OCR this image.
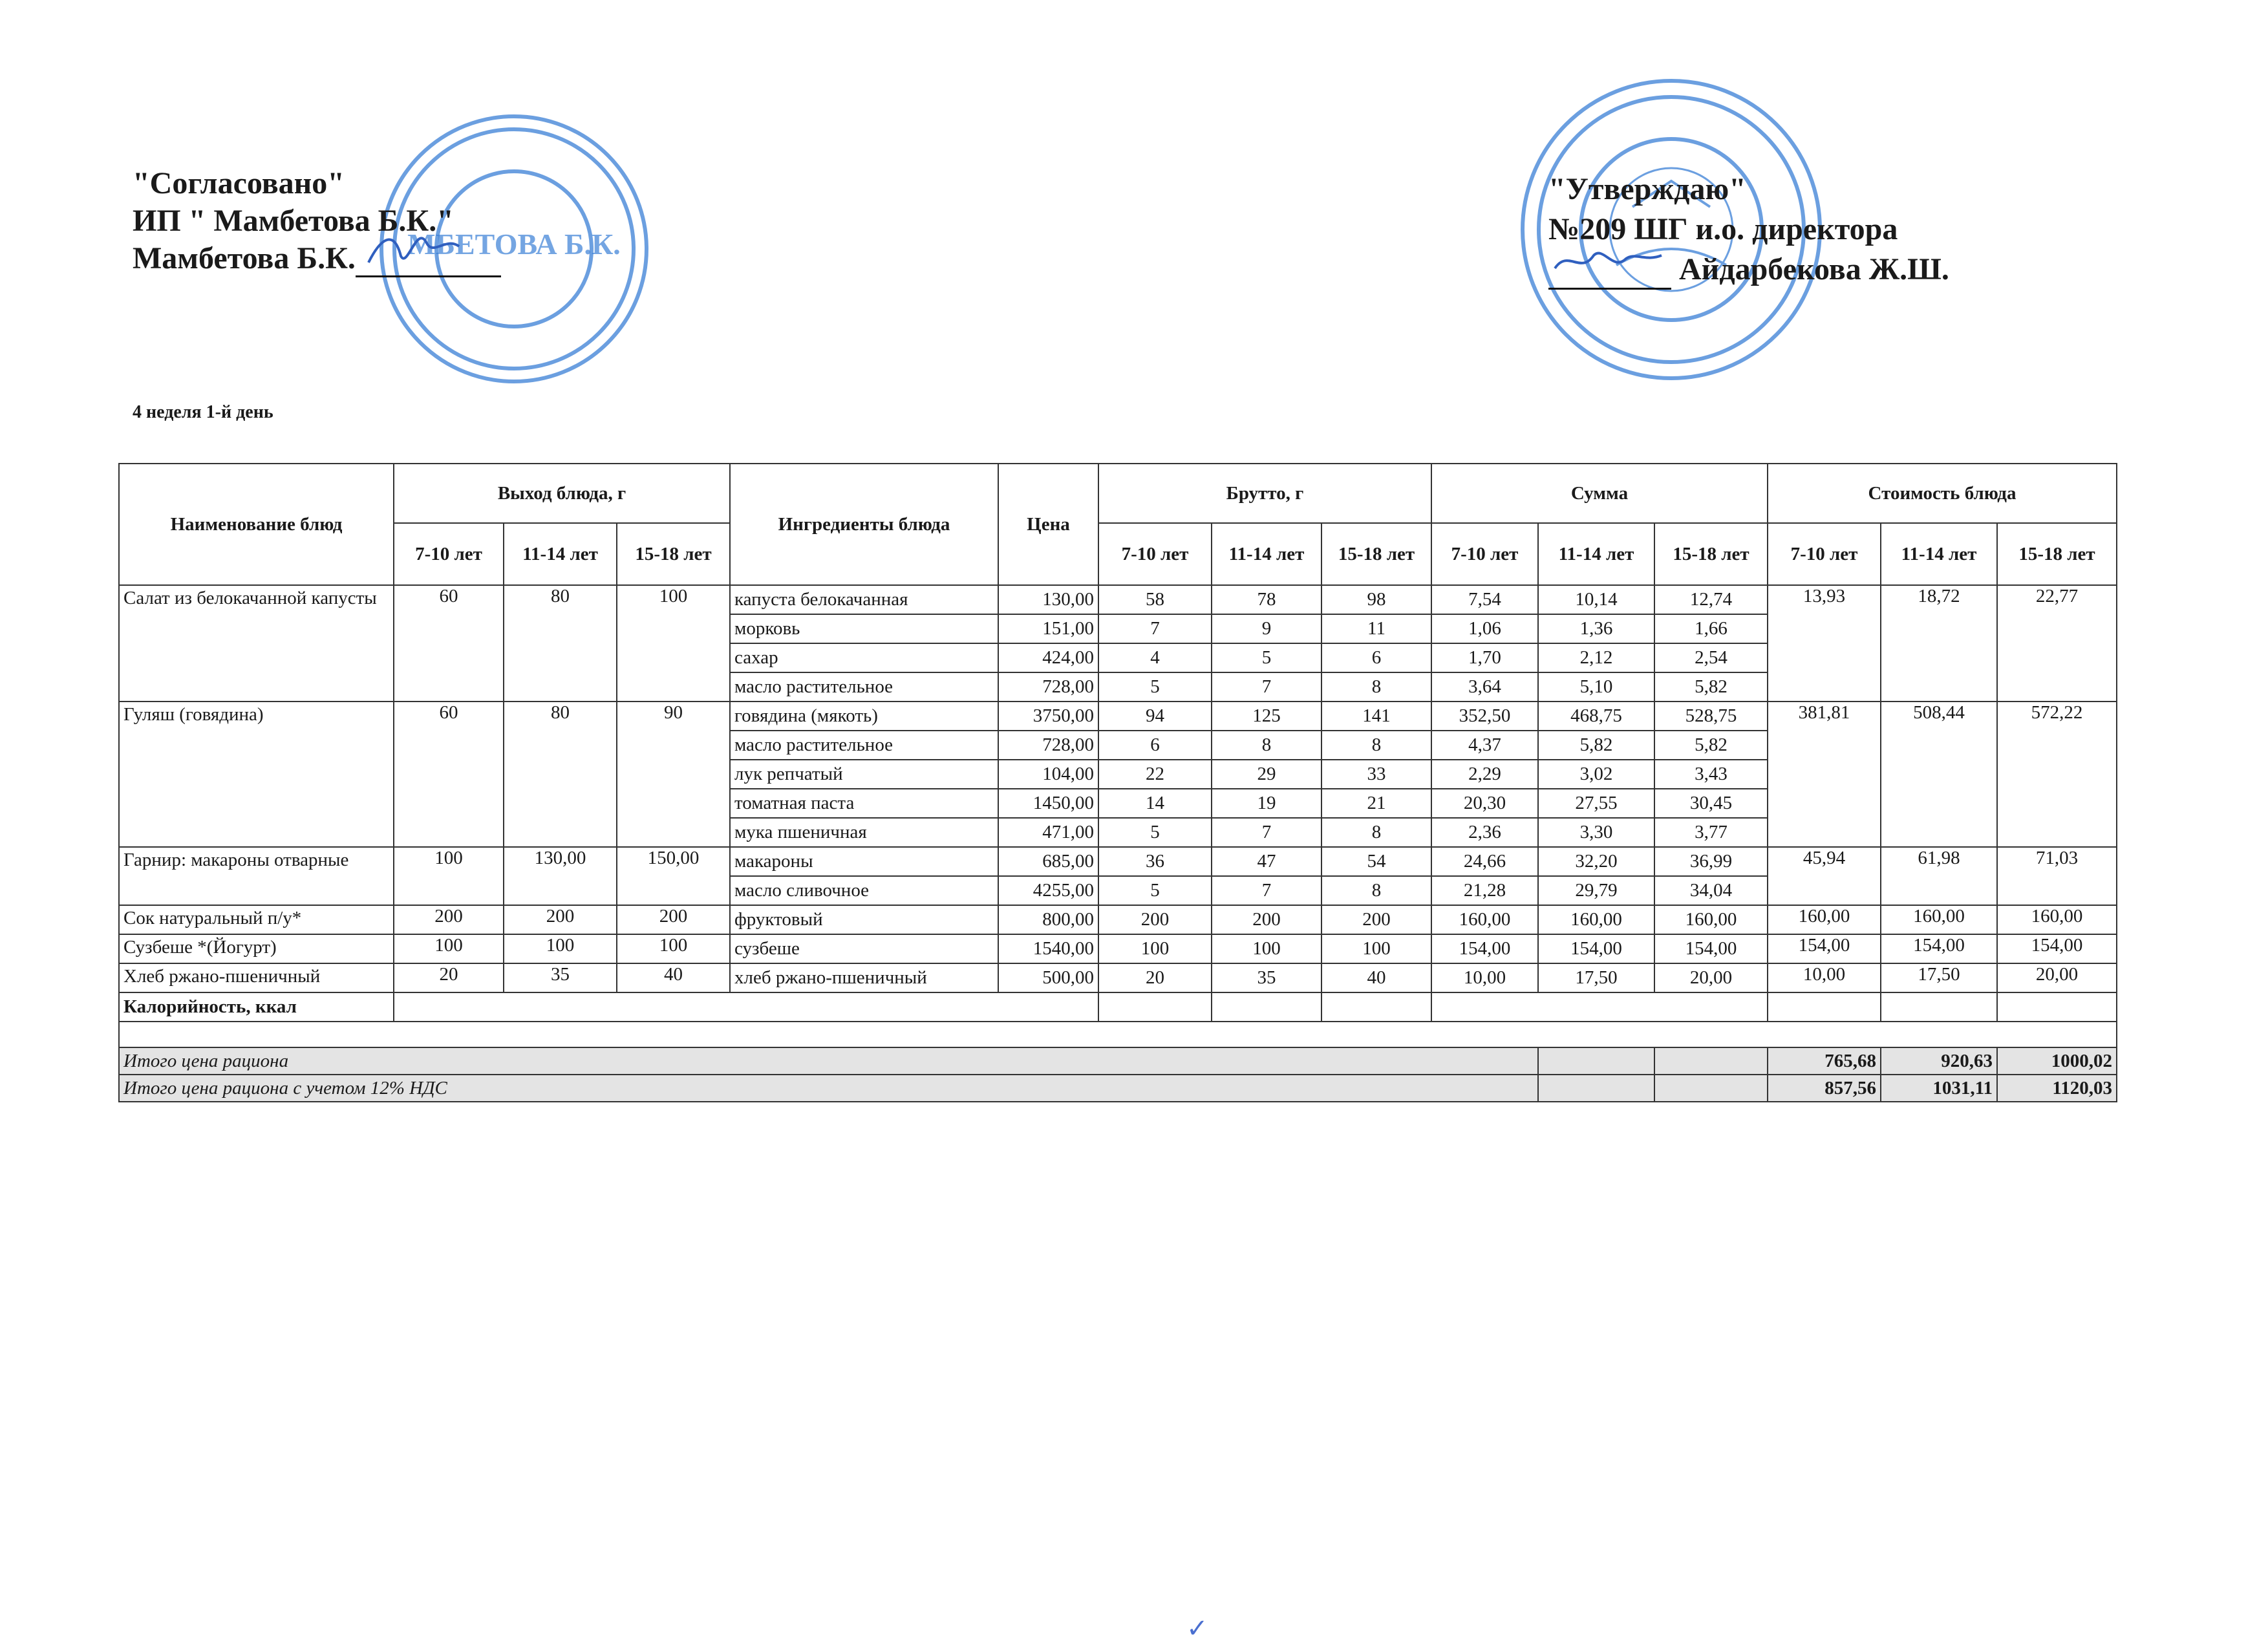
МБЕТОВА Б.К.
"Согласовано"
ИП " Мамбетова Б.К."
Мамбетова Б.К.
"Утверждаю"
№209 ШГ и.о. директора
Айдарбекова Ж.Ш.
4 неделя 1-й день
Наименование блюд	Выход блюда, г			Ингредиенты блюда	Цена	Брутто, г			Сумма			Стоимость блюда		
	7-10 лет	11-14 лет	15-18 лет			7-10 лет	11-14 лет	15-18 лет	7-10 лет	11-14 лет	15-18 лет	7-10 лет	11-14 лет	15-18 лет
Салат из белокачанной капусты	60	80	100	капуста белокачанная	130,00	58	78	98	7,54	10,14	12,74	13,93	18,72	22,77
				морковь	151,00	7	9	11	1,06	1,36	1,66			
				сахар	424,00	4	5	6	1,70	2,12	2,54			
				масло растительное	728,00	5	7	8	3,64	5,10	5,82			
Гуляш (говядина)	60	80	90	говядина (мякоть)	3750,00	94	125	141	352,50	468,75	528,75	381,81	508,44	572,22
				масло растительное	728,00	6	8	8	4,37	5,82	5,82			
				лук репчатый	104,00	22	29	33	2,29	3,02	3,43			
				томатная паста	1450,00	14	19	21	20,30	27,55	30,45			
				мука пшеничная	471,00	5	7	8	2,36	3,30	3,77			
Гарнир: макароны отварные	100	130,00	150,00	макароны	685,00	36	47	54	24,66	32,20	36,99	45,94	61,98	71,03
				масло сливочное	4255,00	5	7	8	21,28	29,79	34,04			
Сок натуральный п/у*	200	200	200	фруктовый	800,00	200	200	200	160,00	160,00	160,00	160,00	160,00	160,00
Сузбеше *(Йогурт)	100	100	100	сузбеше	1540,00	100	100	100	154,00	154,00	154,00	154,00	154,00	154,00
Хлеб ржано-пшеничный	20	35	40	хлеб ржано-пшеничный	500,00	20	35	40	10,00	17,50	20,00	10,00	17,50	20,00
Калорийность, ккал														

Итого цена рациона												765,68	920,63	1000,02
Итого цена рациона с учетом 12% НДС												857,56	1031,11	1120,03
✓
